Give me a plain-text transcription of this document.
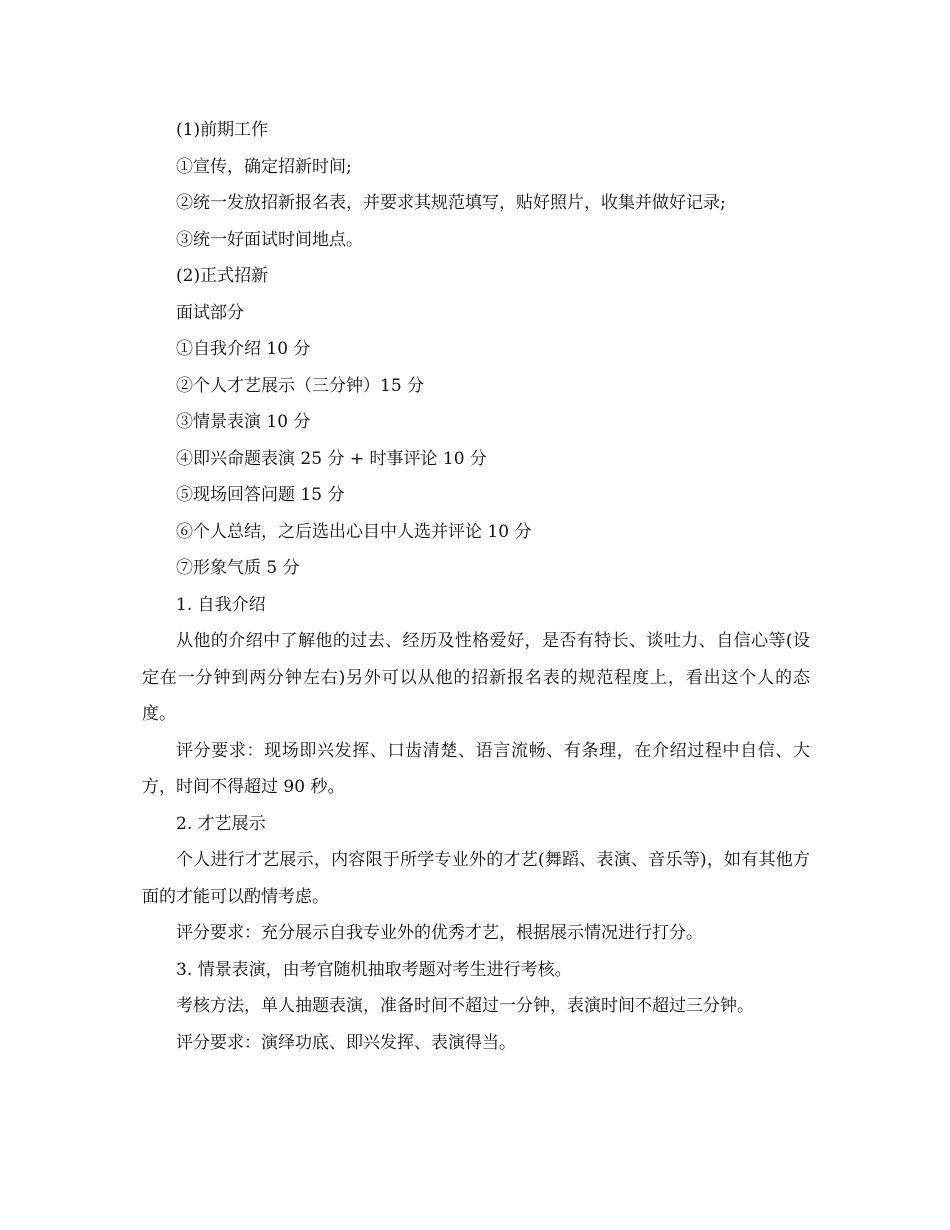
(1)前期工作
①宣传，确定招新时间;
②统一发放招新报名表，并要求其规范填写，贴好照片，收集并做好记录;
③统一好面试时间地点。
(2)正式招新
面试部分
①自我介绍 10 分
②个人才艺展示（三分钟）15 分
③情景表演 10 分
④即兴命题表演 25 分 + 时事评论 10 分
⑤现场回答问题 15 分
⑥个人总结，之后选出心目中人选并评论 10 分
⑦形象气质 5 分
1. 自我介绍
从他的介绍中了解他的过去、经历及性格爱好，是否有特长、谈吐力、自信心等(设定在一分钟到两分钟左右)另外可以从他的招新报名表的规范程度上，看出这个人的态度。
评分要求：现场即兴发挥、口齿清楚、语言流畅、有条理，在介绍过程中自信、大方，时间不得超过 90 秒。
2. 才艺展示
个人进行才艺展示，内容限于所学专业外的才艺(舞蹈、表演、音乐等)，如有其他方面的才能可以酌情考虑。
评分要求：充分展示自我专业外的优秀才艺，根据展示情况进行打分。
3. 情景表演，由考官随机抽取考题对考生进行考核。
考核方法，单人抽题表演，准备时间不超过一分钟，表演时间不超过三分钟。
评分要求：演绎功底、即兴发挥、表演得当。
